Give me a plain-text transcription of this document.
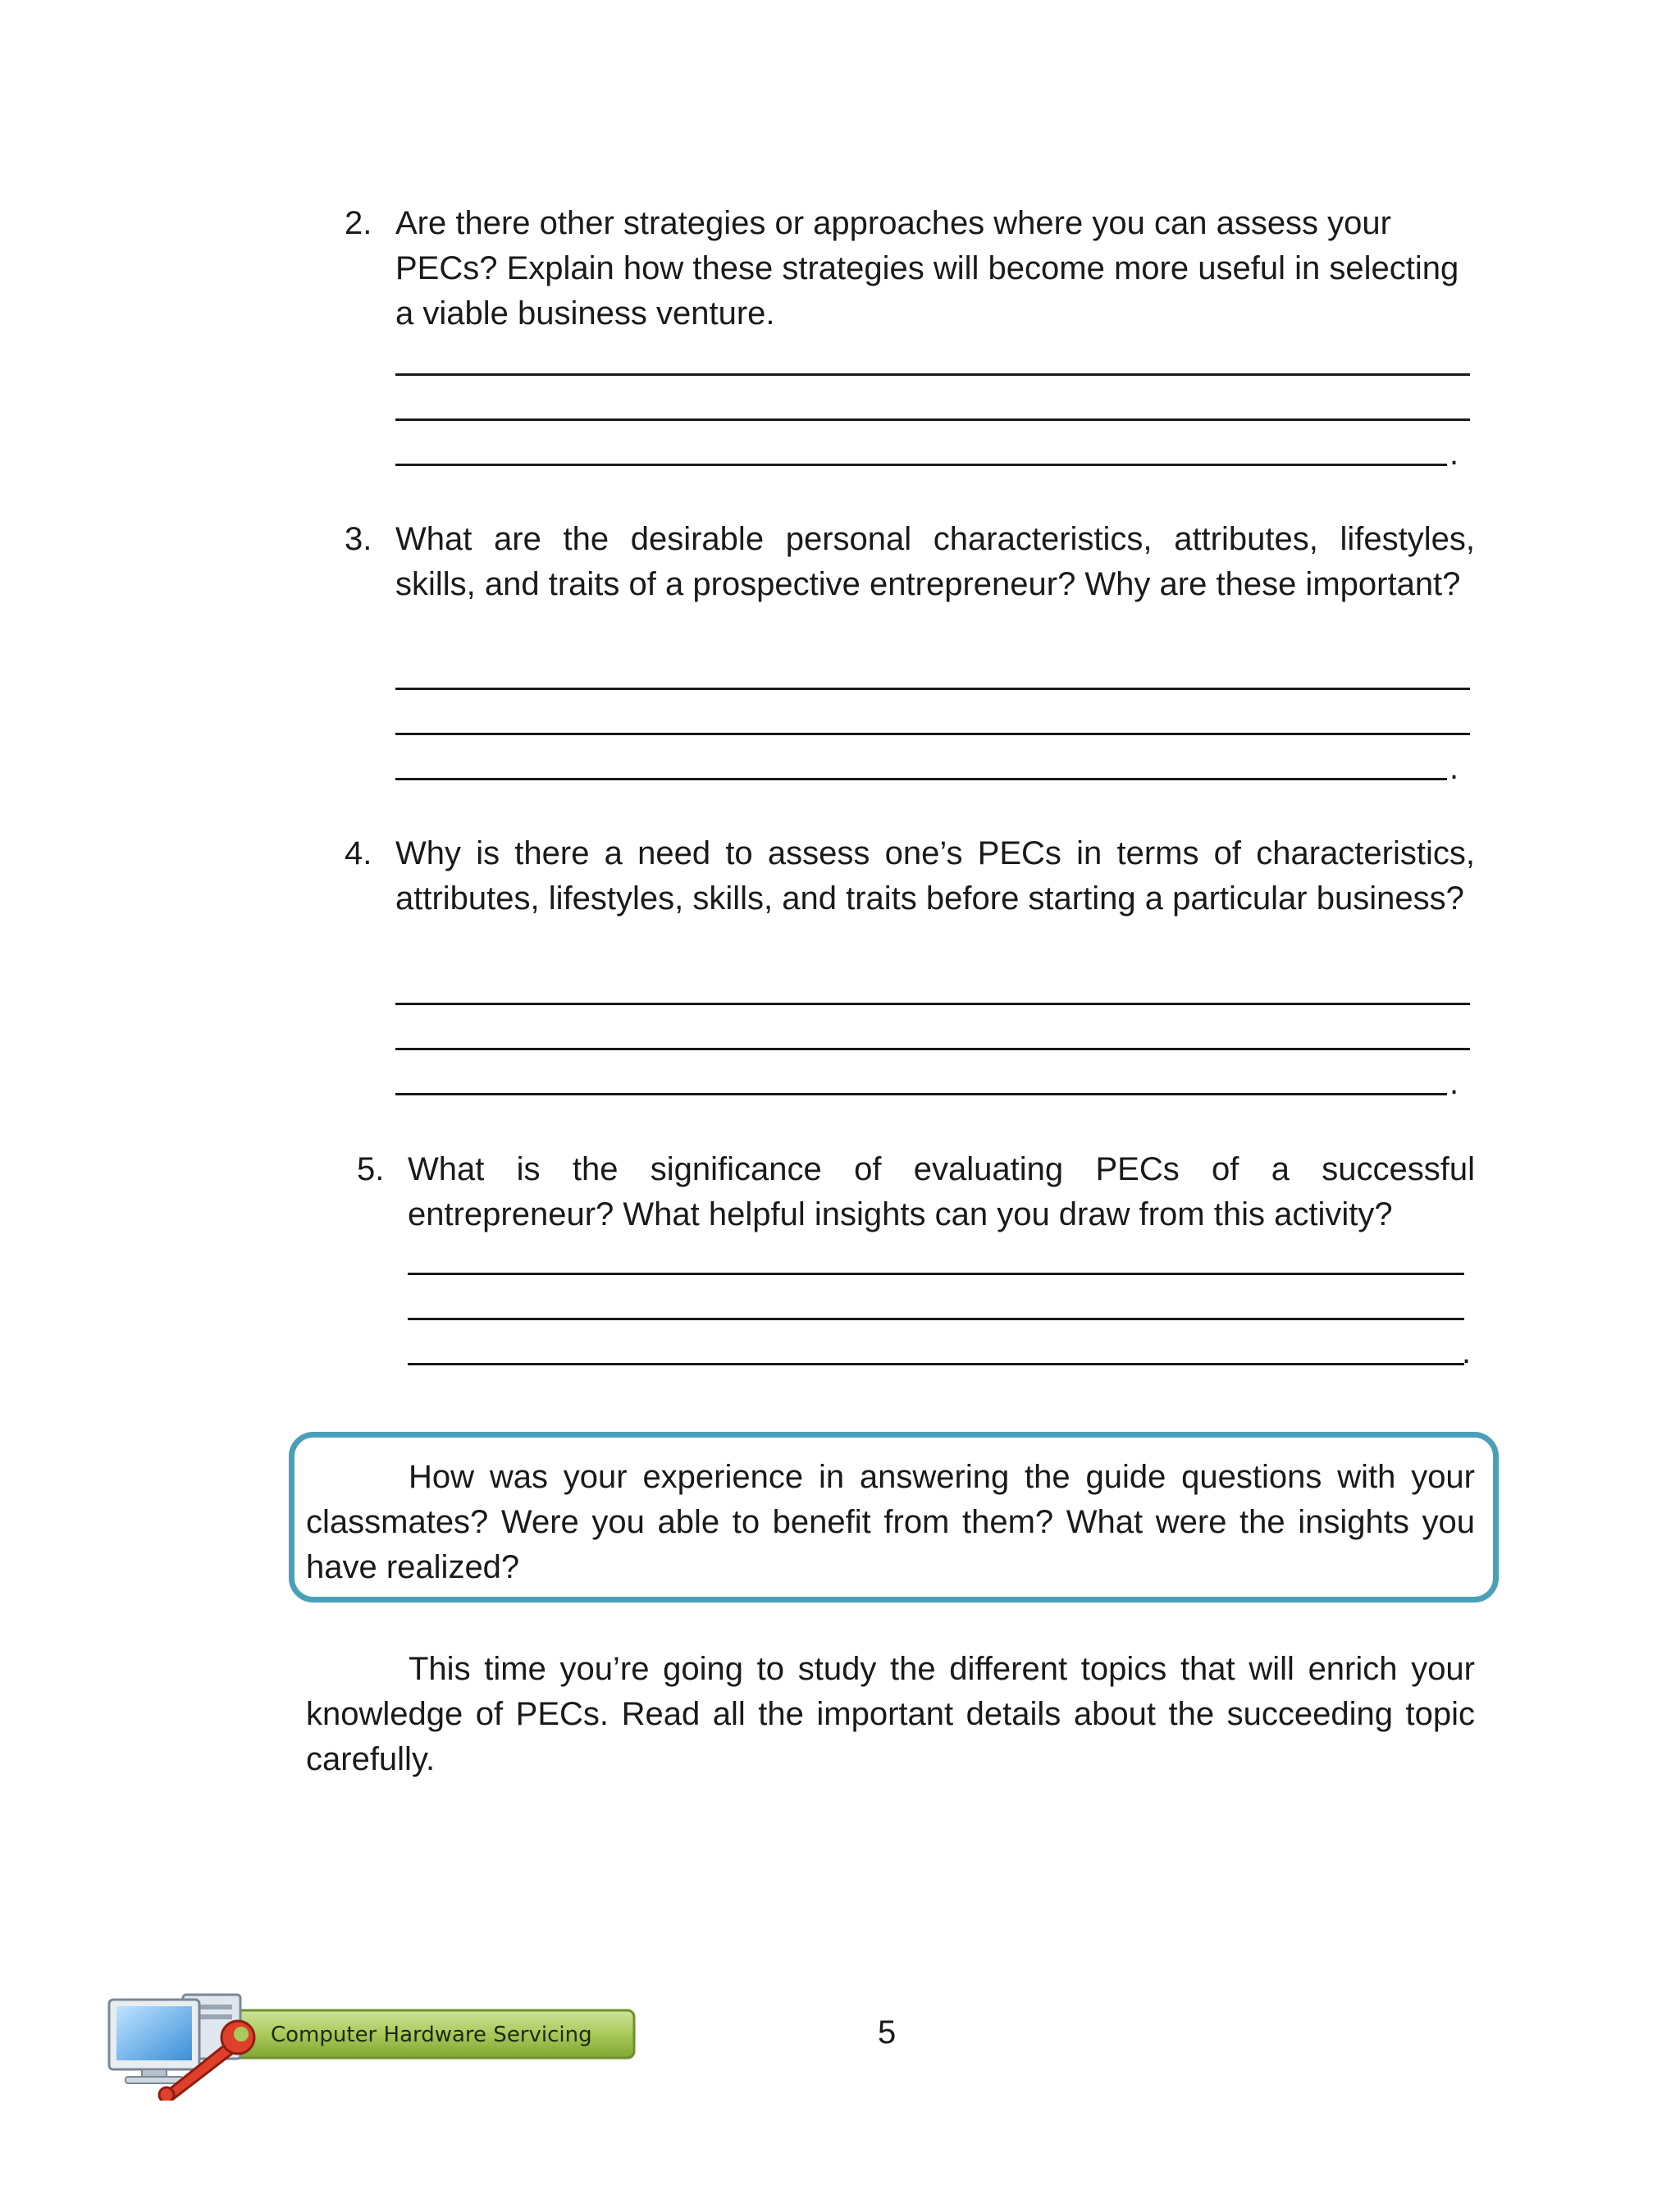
2. Are there other strategies or approaches where you can assess your PECs? Explain how these strategies will become more useful in selecting a viable business venture.
.
3. What are the desirable personal characteristics, attributes, lifestyles, skills, and traits of a prospective entrepreneur? Why are these important?
.
4. Why is there a need to assess one’s PECs in terms of characteristics, attributes, lifestyles, skills, and traits before starting a particular business?
.
5. What is the significance of evaluating PECs of a successful entrepreneur? What helpful insights can you draw from this activity?
.
How was your experience in answering the guide questions with your classmates? Were you able to benefit from them? What were the insights you have realized?
This time you’re going to study the different topics that will enrich your knowledge of PECs. Read all the important details about the succeeding topic carefully.
Computer Hardware Servicing	5
